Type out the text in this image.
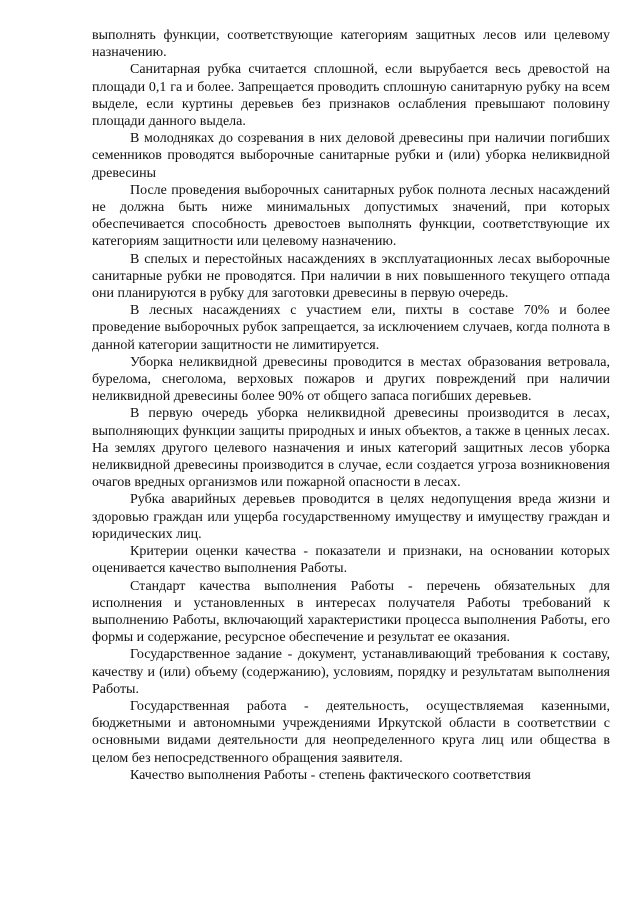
выполнять функции, соответствующие категориям защитных лесов или целевому назначению.

Санитарная рубка считается сплошной, если вырубается весь древостой на площади 0,1 га и более. Запрещается проводить сплошную санитарную рубку на всем выделе, если куртины деревьев без признаков ослабления превышают половину площади данного выдела.

В молодняках до созревания в них деловой древесины при наличии погибших семенников проводятся выборочные санитарные рубки и (или) уборка неликвидной древесины

После проведения выборочных санитарных рубок полнота лесных насаждений не должна быть ниже минимальных допустимых значений, при которых обеспечивается способность древостоев выполнять функции, соответствующие их категориям защитности или целевому назначению.

В спелых и перестойных насаждениях в эксплуатационных лесах выборочные санитарные рубки не проводятся. При наличии в них повышенного текущего отпада они планируются в рубку для заготовки древесины в первую очередь.

В лесных насаждениях с участием ели, пихты в составе 70% и более проведение выборочных рубок запрещается, за исключением случаев, когда полнота в данной категории защитности не лимитируется.

Уборка неликвидной древесины проводится в местах образования ветровала, бурелома, снеголома, верховых пожаров и других повреждений при наличии неликвидной древесины более 90% от общего запаса погибших деревьев.

В первую очередь уборка неликвидной древесины производится в лесах, выполняющих функции защиты природных и иных объектов, а также в ценных лесах. На землях другого целевого назначения и иных категорий защитных лесов уборка неликвидной древесины производится в случае, если создается угроза возникновения очагов вредных организмов или пожарной опасности в лесах.

Рубка аварийных деревьев проводится в целях недопущения вреда жизни и здоровью граждан или ущерба государственному имуществу и имуществу граждан и юридических лиц.

Критерии оценки качества - показатели и признаки, на основании которых оценивается качество выполнения Работы.

Стандарт качества выполнения Работы - перечень обязательных для исполнения и установленных в интересах получателя Работы требований к выполнению Работы, включающий характеристики процесса выполнения Работы, его формы и содержание, ресурсное обеспечение и результат ее оказания.

Государственное задание - документ, устанавливающий требования к составу, качеству и (или) объему (содержанию), условиям, порядку и результатам выполнения Работы.

Государственная работа - деятельность, осуществляемая казенными, бюджетными и автономными учреждениями Иркутской области в соответствии с основными видами деятельности для неопределенного круга лиц или общества в целом без непосредственного обращения заявителя.

Качество выполнения Работы - степень фактического соответствия
